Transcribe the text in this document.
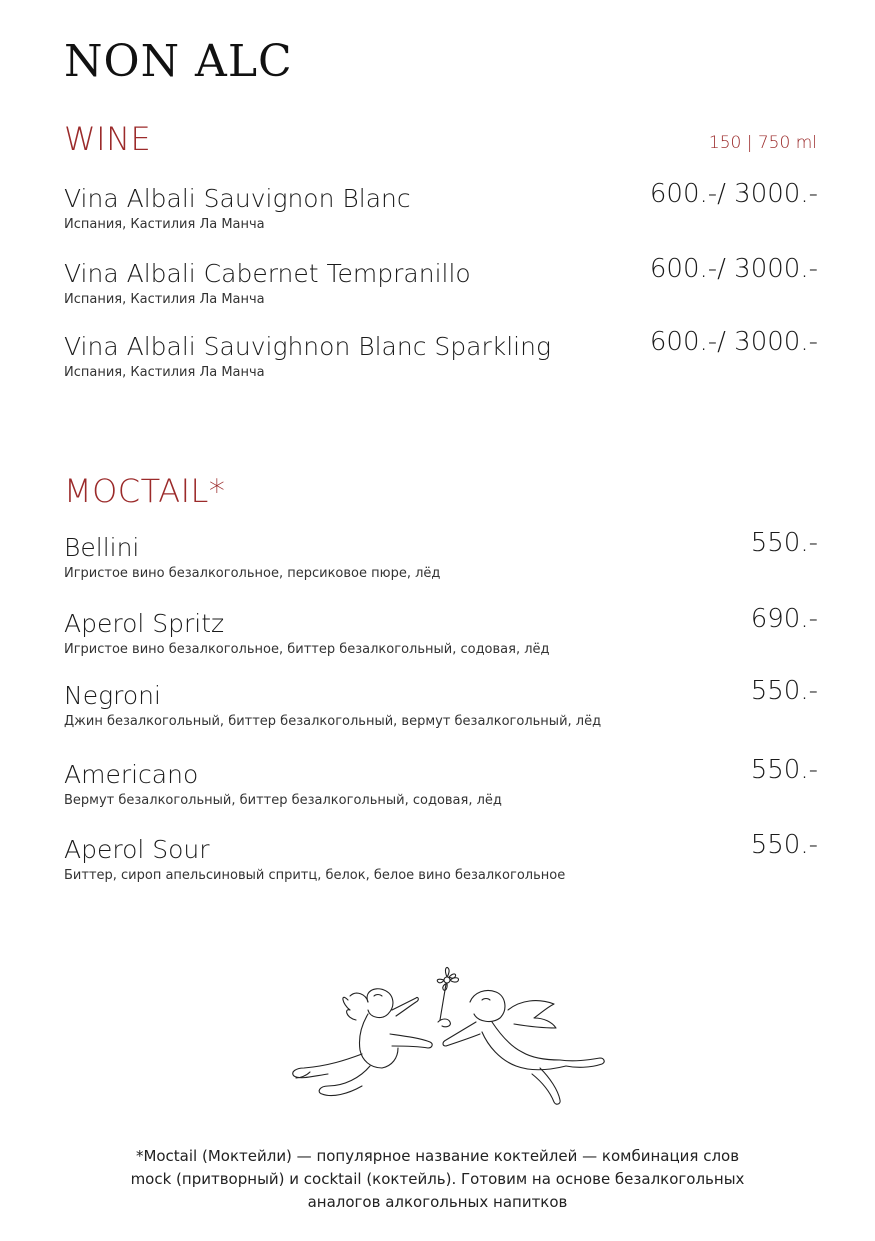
NON ALC
WINE	150 | 750 ml
Vina Albali Sauvignon Blanc
Испания, Кастилия Ла Манча
600.-/ 3000.-
Vina Albali Cabernet Tempranillo
Испания, Кастилия Ла Манча
600.-/ 3000.-
Vina Albali Sauvighnon Blanc Sparkling
Испания, Кастилия Ла Манча
600.-/ 3000.-
MOCTAIL*
Bellini
Игристое вино безалкогольное, персиковое пюре, лёд
550.-
Aperol Spritz
Игристое вино безалкогольное, биттер безалкогольный, содовая, лёд
690.-
Negroni
Джин безалкогольный, биттер безалкогольный, вермут безалкогольный, лёд
550.-
Americano
Вермут безалкогольный, биттер безалкогольный, содовая, лёд
550.-
Aperol Sour
Биттер, сироп апельсиновый спритц, белок, белое вино безалкогольное
550.-
*Moctail (Моктейли) — популярное название коктейлей — комбинация слов
mock (притворный) и cocktail (коктейль). Готовим на основе безалкогольных
аналогов алкогольных напитков
